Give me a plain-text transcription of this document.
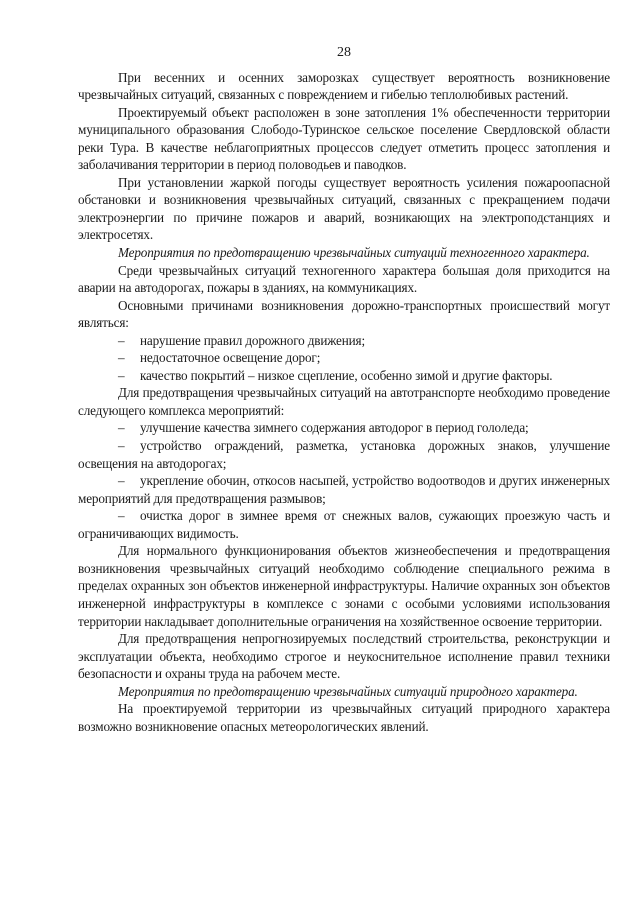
28

При весенних и осенних заморозках существует вероятность возникновение чрезвычайных ситуаций, связанных с повреждением и гибелью теплолюбивых растений.

Проектируемый объект расположен в зоне затопления 1% обеспеченности территории муниципального образования Слободо-Туринское сельское поселение Свердловской области реки Тура. В качестве неблагоприятных процессов следует отметить процесс затопления и заболачивания территории в период половодьев и паводков.

При установлении жаркой погоды существует вероятность усиления пожароопасной обстановки и возникновения чрезвычайных ситуаций, связанных с прекращением подачи электроэнергии по причине пожаров и аварий, возникающих на электроподстанциях и электросетях.

Мероприятия по предотвращению чрезвычайных ситуаций техногенного характера.

Среди чрезвычайных ситуаций техногенного характера большая доля приходится на аварии на автодорогах, пожары в зданиях, на коммуникациях.

Основными причинами возникновения дорожно-транспортных происшествий могут являться:

– нарушение правил дорожного движения;

– недостаточное освещение дорог;

– качество покрытий – низкое сцепление, особенно зимой и другие факторы.

Для предотвращения чрезвычайных ситуаций на автотранспорте необходимо проведение следующего комплекса мероприятий:

– улучшение качества зимнего содержания автодорог в период гололеда;

– устройство ограждений, разметка, установка дорожных знаков, улучшение освещения на автодорогах;

– укрепление обочин, откосов насыпей, устройство водоотводов и других инженерных мероприятий для предотвращения размывов;

– очистка дорог в зимнее время от снежных валов, сужающих проезжую часть и ограничивающих видимость.

Для нормального функционирования объектов жизнеобеспечения и предотвращения возникновения чрезвычайных ситуаций необходимо соблюдение специального режима в пределах охранных зон объектов инженерной инфраструктуры. Наличие охранных зон объектов инженерной инфраструктуры в комплексе с зонами с особыми условиями использования территории накладывает дополнительные ограничения на хозяйственное освоение территории.

Для предотвращения непрогнозируемых последствий строительства, реконструкции и эксплуатации объекта, необходимо строгое и неукоснительное исполнение правил техники безопасности и охраны труда на рабочем месте.

Мероприятия по предотвращению чрезвычайных ситуаций природного характера.

На проектируемой территории из чрезвычайных ситуаций природного характера возможно возникновение опасных метеорологических явлений.
